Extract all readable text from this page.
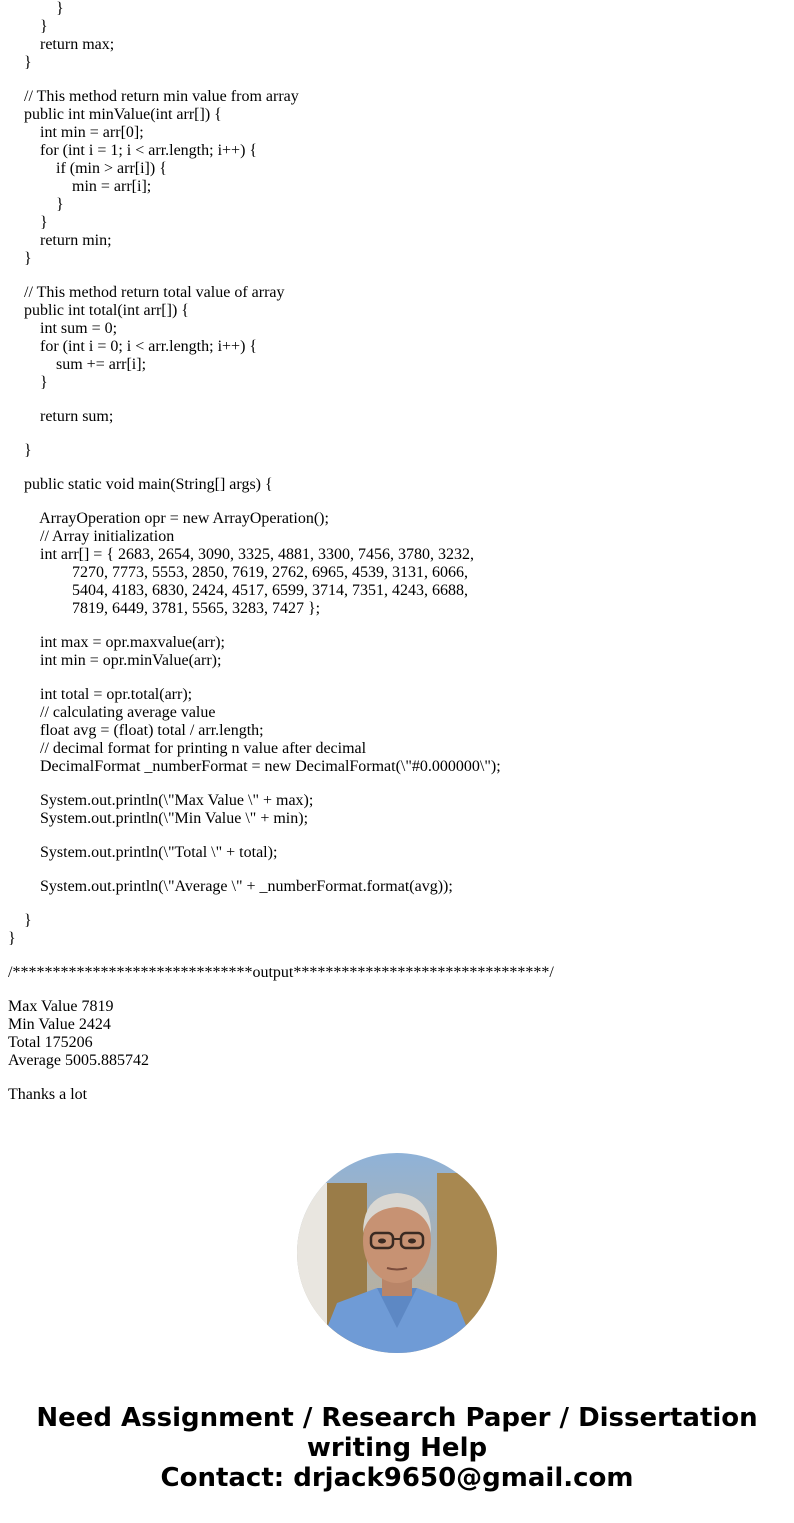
}
}
return max;
}
// This method return min value from array
public int minValue(int arr[]) {
int min = arr[0];
for (int i = 1; i < arr.length; i++) {
if (min > arr[i]) {
min = arr[i];
}
}
return min;
}
// This method return total value of array
public int total(int arr[]) {
int sum = 0;
for (int i = 0; i < arr.length; i++) {
sum += arr[i];
}
return sum;
}
public static void main(String[] args) {
ArrayOperation opr = new ArrayOperation();
// Array initialization
int arr[] = { 2683, 2654, 3090, 3325, 4881, 3300, 7456, 3780, 3232,
7270, 7773, 5553, 2850, 7619, 2762, 6965, 4539, 3131, 6066,
5404, 4183, 6830, 2424, 4517, 6599, 3714, 7351, 4243, 6688,
7819, 6449, 3781, 5565, 3283, 7427 };
int max = opr.maxvalue(arr);
int min = opr.minValue(arr);
int total = opr.total(arr);
// calculating average value
float avg = (float) total / arr.length;
// decimal format for printing n value after decimal
DecimalFormat _numberFormat = new DecimalFormat(\"#0.000000\");
System.out.println(\"Max Value \" + max);
System.out.println(\"Min Value \" + min);
System.out.println(\"Total \" + total);
System.out.println(\"Average \" + _numberFormat.format(avg));
}
}
/******************************output********************************/
Max Value 7819
Min Value 2424
Total 175206
Average 5005.885742
Thanks a lot
Need Assignment / Research Paper / Dissertation
writing Help
Contact: drjack9650@gmail.com
